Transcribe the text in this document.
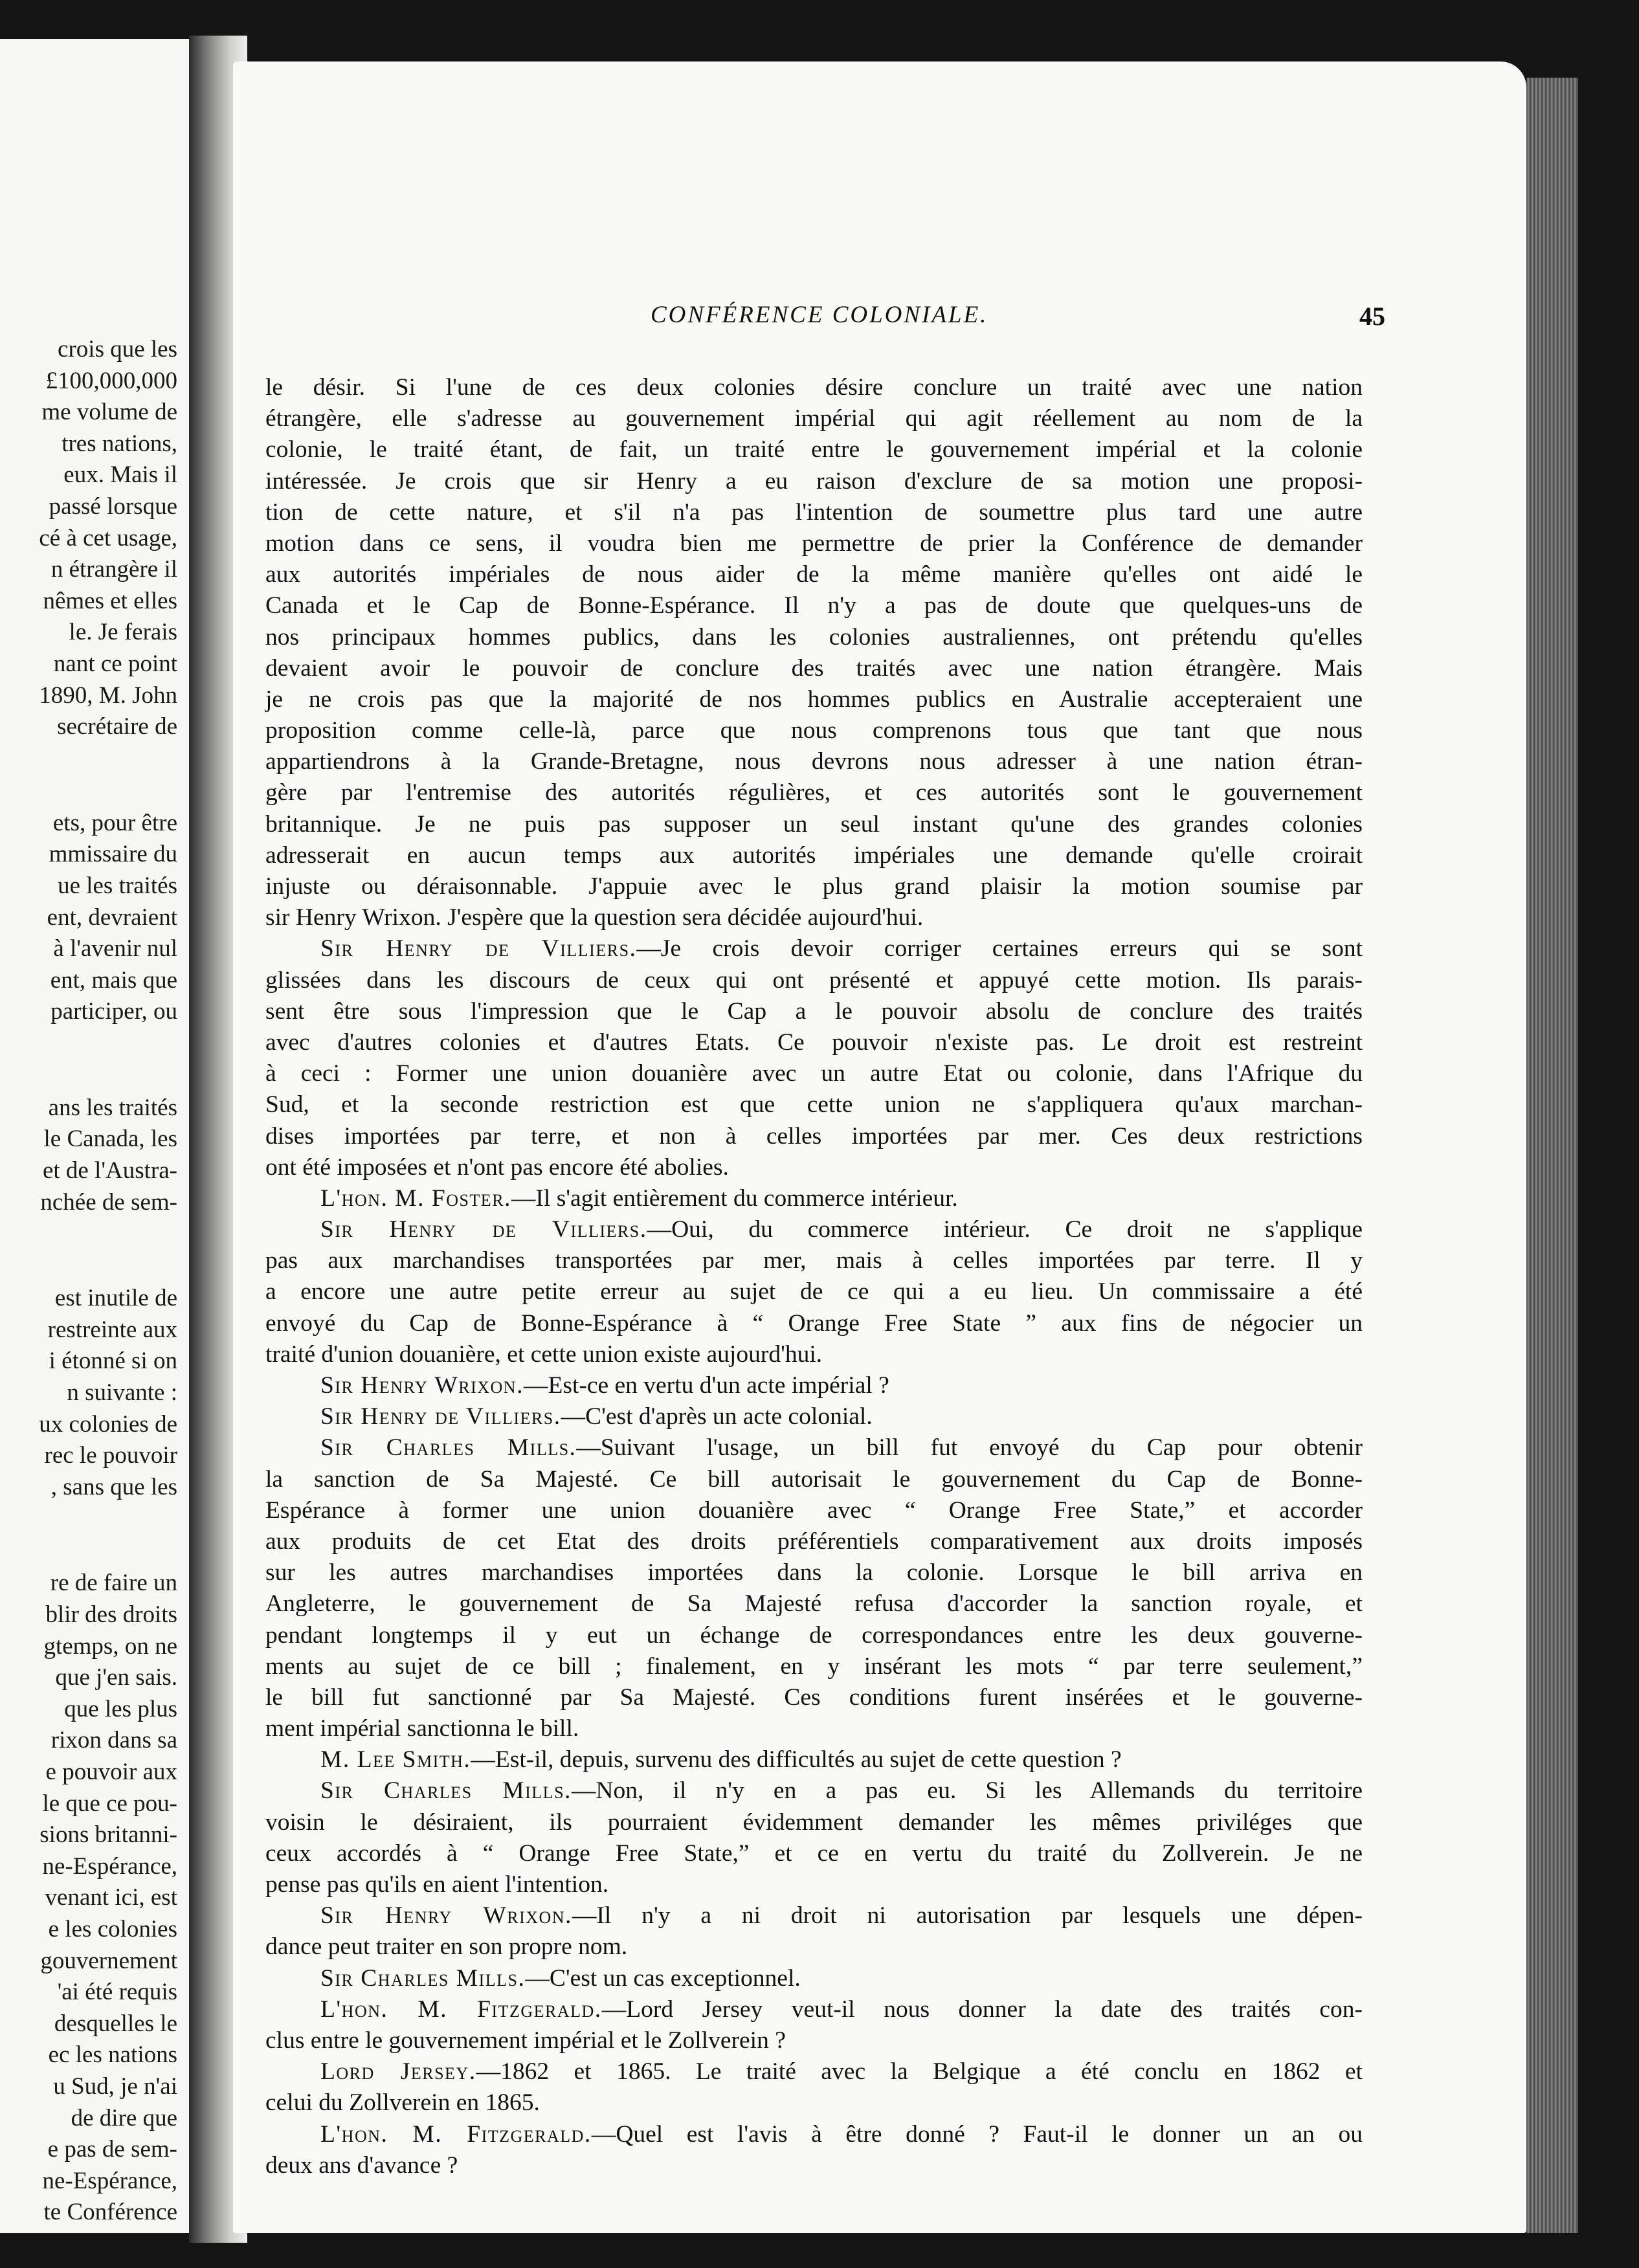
crois que les
£100,000,000
me volume de
tres nations,
eux. Mais il
passé lorsque
cé à cet usage,
n étrangère il
nêmes et elles
le. Je ferais
nant ce point
1890, M. John
secrétaire de
ets, pour être
mmissaire du
ue les traités
ent, devraient
à l'avenir nul
ent, mais que
participer, ou
ans les traités
le Canada, les
et de l'Austra-
nchée de sem-
est inutile de
restreinte aux
i étonné si on
n suivante :
ux colonies de
rec le pouvoir
, sans que les
re de faire un
blir des droits
gtemps, on ne
que j'en sais.
que les plus
rixon dans sa
e pouvoir aux
le que ce pou-
sions britanni-
ne-Espérance,
venant ici, est
e les colonies
gouvernement
'ai été requis
desquelles le
ec les nations
u Sud, je n'ai
de dire que
e pas de sem-
ne-Espérance,
te Conférence
CONFÉRENCE COLONIALE.	45
le désir. Si l'une de ces deux colonies désire conclure un traité avec une nation
étrangère, elle s'adresse au gouvernement impérial qui agit réellement au nom de la
colonie, le traité étant, de fait, un traité entre le gouvernement impérial et la colonie
intéressée. Je crois que sir Henry a eu raison d'exclure de sa motion une proposi-
tion de cette nature, et s'il n'a pas l'intention de soumettre plus tard une autre
motion dans ce sens, il voudra bien me permettre de prier la Conférence de demander
aux autorités impériales de nous aider de la même manière qu'elles ont aidé le
Canada et le Cap de Bonne-Espérance. Il n'y a pas de doute que quelques-uns de
nos principaux hommes publics, dans les colonies australiennes, ont prétendu qu'elles
devaient avoir le pouvoir de conclure des traités avec une nation étrangère. Mais
je ne crois pas que la majorité de nos hommes publics en Australie accepteraient une
proposition comme celle-là, parce que nous comprenons tous que tant que nous
appartiendrons à la Grande-Bretagne, nous devrons nous adresser à une nation étran-
gère par l'entremise des autorités régulières, et ces autorités sont le gouvernement
britannique. Je ne puis pas supposer un seul instant qu'une des grandes colonies
adresserait en aucun temps aux autorités impériales une demande qu'elle croirait
injuste ou déraisonnable. J'appuie avec le plus grand plaisir la motion soumise par
sir Henry Wrixon. J'espère que la question sera décidée aujourd'hui.
Sir Henry de Villiers.—Je crois devoir corriger certaines erreurs qui se sont
glissées dans les discours de ceux qui ont présenté et appuyé cette motion. Ils parais-
sent être sous l'impression que le Cap a le pouvoir absolu de conclure des traités
avec d'autres colonies et d'autres Etats. Ce pouvoir n'existe pas. Le droit est restreint
à ceci : Former une union douanière avec un autre Etat ou colonie, dans l'Afrique du
Sud, et la seconde restriction est que cette union ne s'appliquera qu'aux marchan-
dises importées par terre, et non à celles importées par mer. Ces deux restrictions
ont été imposées et n'ont pas encore été abolies.
L'hon. M. Foster.—Il s'agit entièrement du commerce intérieur.
Sir Henry de Villiers.—Oui, du commerce intérieur. Ce droit ne s'applique
pas aux marchandises transportées par mer, mais à celles importées par terre. Il y
a encore une autre petite erreur au sujet de ce qui a eu lieu. Un commissaire a été
envoyé du Cap de Bonne-Espérance à “ Orange Free State ” aux fins de négocier un
traité d'union douanière, et cette union existe aujourd'hui.
Sir Henry Wrixon.—Est-ce en vertu d'un acte impérial ?
Sir Henry de Villiers.—C'est d'après un acte colonial.
Sir Charles Mills.—Suivant l'usage, un bill fut envoyé du Cap pour obtenir
la sanction de Sa Majesté. Ce bill autorisait le gouvernement du Cap de Bonne-
Espérance à former une union douanière avec “ Orange Free State,” et accorder
aux produits de cet Etat des droits préférentiels comparativement aux droits imposés
sur les autres marchandises importées dans la colonie. Lorsque le bill arriva en
Angleterre, le gouvernement de Sa Majesté refusa d'accorder la sanction royale, et
pendant longtemps il y eut un échange de correspondances entre les deux gouverne-
ments au sujet de ce bill ; finalement, en y insérant les mots “ par terre seulement,”
le bill fut sanctionné par Sa Majesté. Ces conditions furent insérées et le gouverne-
ment impérial sanctionna le bill.
M. Lee Smith.—Est-il, depuis, survenu des difficultés au sujet de cette question ?
Sir Charles Mills.—Non, il n'y en a pas eu. Si les Allemands du territoire
voisin le désiraient, ils pourraient évidemment demander les mêmes priviléges que
ceux accordés à “ Orange Free State,” et ce en vertu du traité du Zollverein. Je ne
pense pas qu'ils en aient l'intention.
Sir Henry Wrixon.—Il n'y a ni droit ni autorisation par lesquels une dépen-
dance peut traiter en son propre nom.
Sir Charles Mills.—C'est un cas exceptionnel.
L'hon. M. Fitzgerald.—Lord Jersey veut-il nous donner la date des traités con-
clus entre le gouvernement impérial et le Zollverein ?
Lord Jersey.—1862 et 1865. Le traité avec la Belgique a été conclu en 1862 et
celui du Zollverein en 1865.
L'hon. M. Fitzgerald.—Quel est l'avis à être donné ? Faut-il le donner un an ou
deux ans d'avance ?
